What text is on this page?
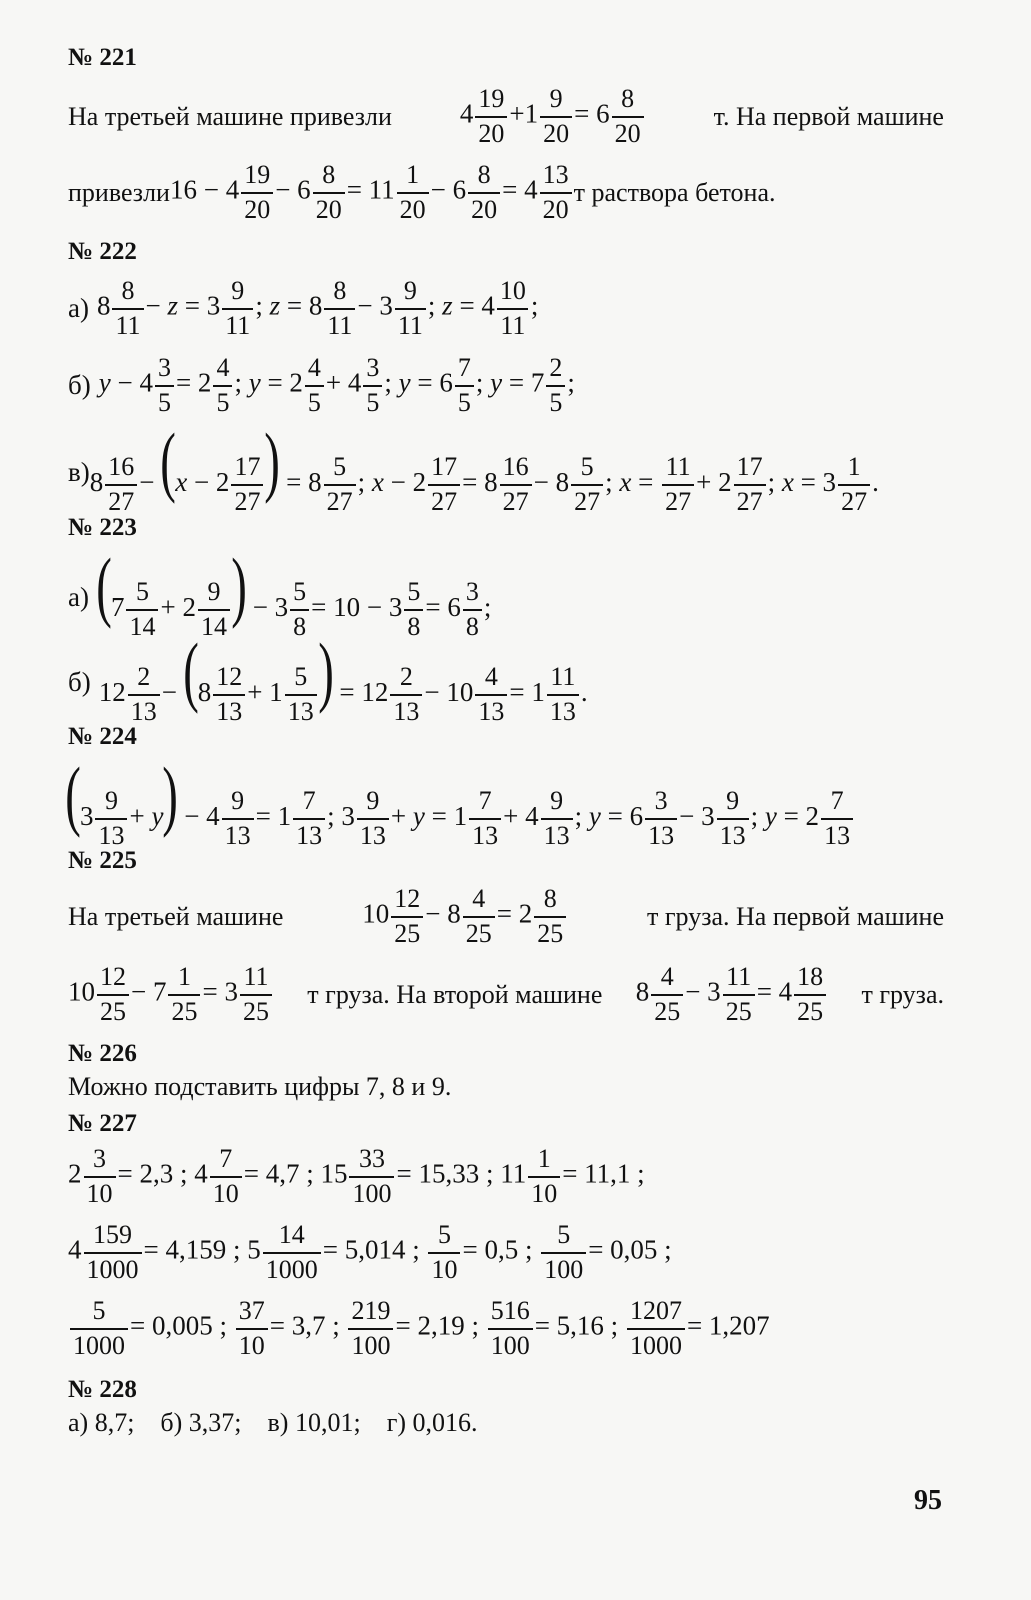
№ 221
На третьей машине привезли	$4 \frac{19}{20} +1 \frac{9}{20} = 6 \frac{8}{20}$	т. На первой машине
привезли $16 - 4 \frac{19}{20} - 6 \frac{8}{20} = 11 \frac{1}{20} - 6 \frac{8}{20} = 4 \frac{13}{20}$ т раствора бетона.
№ 222
а) $8 \frac{8}{11} - z = 3 \frac{9}{11}$ ; $z = 8 \frac{8}{11} - 3 \frac{9}{11}$ ; $z = 4 \frac{10}{11}$ ;
б) $y - 4 \frac{3}{5} = 2 \frac{4}{5}$ ; $y = 2 \frac{4}{5} + 4 \frac{3}{5}$ ; $y = 6 \frac{7}{5}$ ; $y = 7 \frac{2}{5}$ ;
в) $8 \frac{16}{27} - (x - 2 \frac{17}{27}$ ) = $8 \frac{5}{27}$ ; $x - 2 \frac{17}{27} = 8 \frac{16}{27} - 8 \frac{5}{27}$ ; $x = \frac{11}{27} + 2 \frac{17}{27}$ ; $x = 3 \frac{1}{27}$ .
№ 223
а) ($7 \frac{5}{14} + 2 \frac{9}{14}$ ) − $3 \frac{5}{8} = 10 - 3 \frac{5}{8} = 6 \frac{3}{8}$ ;
б) $12 \frac{2}{13} - (8 \frac{12}{13} + 1 \frac{5}{13}$ ) = $12 \frac{2}{13} - 10 \frac{4}{13} = 1 \frac{11}{13}$ .
№ 224
$(3 \frac{9}{13} + y) - 4 \frac{9}{13} = 1 \frac{7}{13}$ ; $3 \frac{9}{13} + y = 1 \frac{7}{13} + 4 \frac{9}{13}$ ; $y = 6 \frac{3}{13} - 3 \frac{9}{13}$ ; $y = 2 \frac{7}{13}$
№ 225
На третьей машине	$10 \frac{12}{25} - 8 \frac{4}{25} = 2 \frac{8}{25}$	т груза. На первой машине
$10 \frac{12}{25} - 7 \frac{1}{25} = 3 \frac{11}{25}$ т груза. На второй машине $8 \frac{4}{25} - 3 \frac{11}{25} = 4 \frac{18}{25}$ т груза.
№ 226
Можно подставить цифры 7, 8 и 9.
№ 227
$2 \frac{3}{10} = 2,3$ ; $4 \frac{7}{10} = 4,7$ ; $15 \frac{33}{100} = 15,33$ ; $11 \frac{1}{10} = 11,1$ ;
$4 \frac{159}{1000} = 4,159$ ; $5 \frac{14}{1000} = 5,014$ ; $\frac{5}{10} = 0,5$ ; $\frac{5}{100} = 0,05$ ;
$\frac{5}{1000} = 0,005$ ; $\frac{37}{10} = 3,7$ ; $\frac{219}{100} = 2,19$ ; $\frac{516}{100} = 5,16$ ; $\frac{1207}{1000} = 1,207$
№ 228
а) 8,7;    б) 3,37;    в) 10,01;    г) 0,016.
95
